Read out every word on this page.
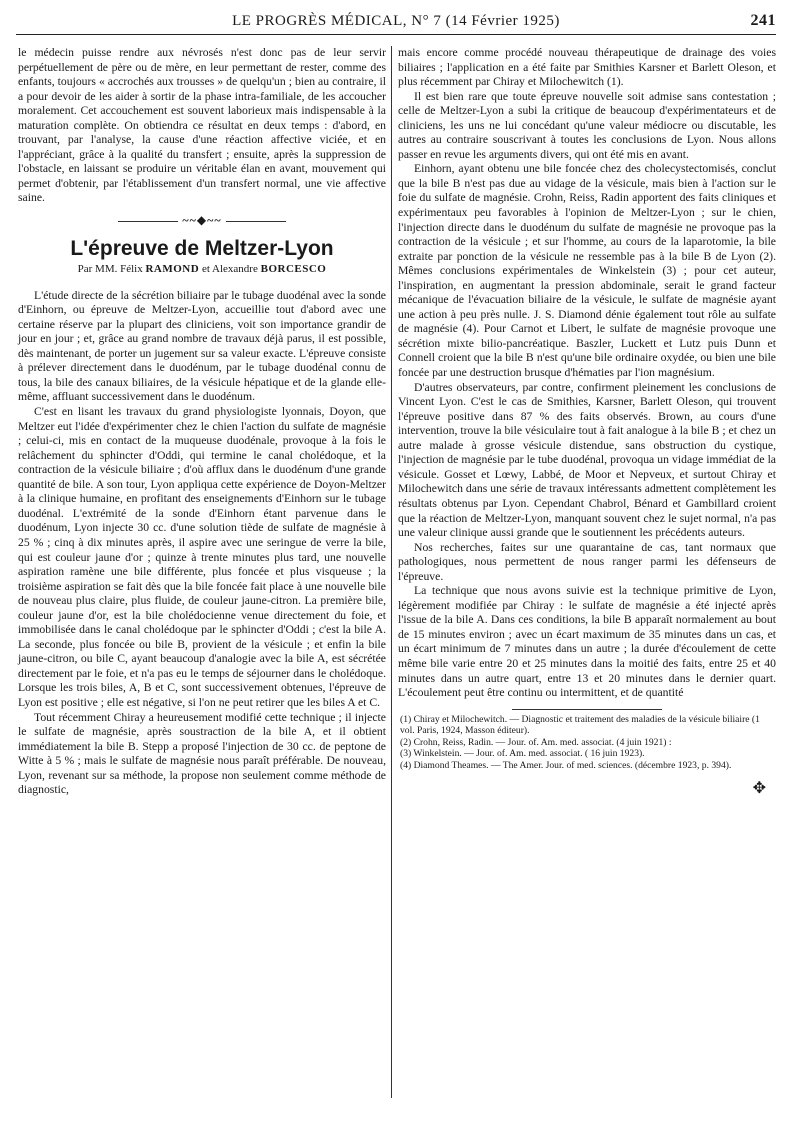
LE PROGRÈS MÉDICAL, N° 7 (14 Février 1925)	241

le médecin puisse rendre aux névrosés n'est donc pas de leur servir perpétuellement de père ou de mère, en leur permettant de rester, comme des enfants, toujours « accrochés aux trousses » de quelqu'un ; bien au contraire, il a pour devoir de les aider à sortir de la phase intra-familiale, de les accoucher moralement. Cet accouchement est souvent laborieux mais indispensable à la maturation complète. On obtiendra ce résultat en deux temps : d'abord, en trouvant, par l'analyse, la cause d'une réaction affective viciée, et en l'appréciant, grâce à la qualité du transfert ; ensuite, après la suppression de l'obstacle, en laissant se produire un véritable élan en avant, mouvement qui permet d'obtenir, par l'établissement d'un transfert normal, une vie affective saine.

~~◆~~
L'épreuve de Meltzer-Lyon
Par MM. Félix RAMOND et Alexandre BORCESCO

L'étude directe de la sécrétion biliaire par le tubage duodénal avec la sonde d'Einhorn, ou épreuve de Meltzer-Lyon, accueillie tout d'abord avec une certaine réserve par la plupart des cliniciens, voit son importance grandir de jour en jour ; et, grâce au grand nombre de travaux déjà parus, il est possible, dès maintenant, de porter un jugement sur sa valeur exacte. L'épreuve consiste à prélever directement dans le duodénum, par le tubage duodénal connu de tous, la bile des canaux biliaires, de la vésicule hépatique et de la glande elle-même, affluant successivement dans le duodénum.

C'est en lisant les travaux du grand physiologiste lyonnais, Doyon, que Meltzer eut l'idée d'expérimenter chez le chien l'action du sulfate de magnésie ; celui-ci, mis en contact de la muqueuse duodénale, provoque à la fois le relâchement du sphincter d'Oddi, qui termine le canal cholédoque, et la contraction de la vésicule biliaire ; d'où afflux dans le duodénum d'une grande quantité de bile. A son tour, Lyon appliqua cette expérience de Doyon-Meltzer à la clinique humaine, en profitant des enseignements d'Einhorn sur le tubage duodénal. L'extrémité de la sonde d'Einhorn étant parvenue dans le duodénum, Lyon injecte 30 cc. d'une solution tiède de sulfate de magnésie à 25 % ; cinq à dix minutes après, il aspire avec une seringue de verre la bile, qui est couleur jaune d'or ; quinze à trente minutes plus tard, une nouvelle aspiration ramène une bile différente, plus foncée et plus visqueuse ; la troisième aspiration se fait dès que la bile foncée fait place à une nouvelle bile de nouveau plus claire, plus fluide, de couleur jaune-citron. La première bile, couleur jaune d'or, est la bile cholédocienne venue directement du foie, et immobilisée dans le canal cholédoque par le sphincter d'Oddi ; c'est la bile A. La seconde, plus foncée ou bile B, provient de la vésicule ; et enfin la bile jaune-citron, ou bile C, ayant beaucoup d'analogie avec la bile A, est sécrétée directement par le foie, et n'a pas eu le temps de séjourner dans le cholédoque. Lorsque les trois biles, A, B et C, sont successivement obtenues, l'épreuve de Lyon est positive ; elle est négative, si l'on ne peut retirer que les biles A et C.

Tout récemment Chiray a heureusement modifié cette technique ; il injecte le sulfate de magnésie, après soustraction de la bile A, et il obtient immédiatement la bile B. Stepp a proposé l'injection de 30 cc. de peptone de Witte à 5 % ; mais le sulfate de magnésie nous paraît préférable. De nouveau, Lyon, revenant sur sa méthode, la propose non seulement comme méthode de diagnostic,

mais encore comme procédé nouveau thérapeutique de drainage des voies biliaires ; l'application en a été faite par Smithies Karsner et Barlett Oleson, et plus récemment par Chiray et Milochewitch (1).

Il est bien rare que toute épreuve nouvelle soit admise sans contestation ; celle de Meltzer-Lyon a subi la critique de beaucoup d'expérimentateurs et de cliniciens, les uns ne lui concédant qu'une valeur médiocre ou discutable, les autres au contraire souscrivant à toutes les conclusions de Lyon. Nous allons passer en revue les arguments divers, qui ont été mis en avant.

Einhorn, ayant obtenu une bile foncée chez des cholecystectomisés, conclut que la bile B n'est pas due au vidage de la vésicule, mais bien à l'action sur le foie du sulfate de magnésie. Crohn, Reiss, Radin apportent des faits cliniques et expérimentaux peu favorables à l'opinion de Meltzer-Lyon ; sur le chien, l'injection directe dans le duodénum du sulfate de magnésie ne provoque pas la contraction de la vésicule ; et sur l'homme, au cours de la laparotomie, la bile extraite par ponction de la vésicule ne ressemble pas à la bile B de Lyon (2). Mêmes conclusions expérimentales de Winkelstein (3) ; pour cet auteur, l'inspiration, en augmentant la pression abdominale, serait le grand facteur mécanique de l'évacuation biliaire de la vésicule, le sulfate de magnésie ayant une action à peu près nulle. J. S. Diamond dénie également tout rôle au sulfate de magnésie (4). Pour Carnot et Libert, le sulfate de magnésie provoque une sécrétion mixte bilio-pancréatique. Baszler, Luckett et Lutz puis Dunn et Connell croient que la bile B n'est qu'une bile ordinaire oxydée, ou bien une bile foncée par une destruction brusque d'hématies par l'ion magnésium.

D'autres observateurs, par contre, confirment pleinement les conclusions de Vincent Lyon. C'est le cas de Smithies, Karsner, Barlett Oleson, qui trouvent l'épreuve positive dans 87 % des faits observés. Brown, au cours d'une intervention, trouve la bile vésiculaire tout à fait analogue à la bile B ; et chez un autre malade à grosse vésicule distendue, sans obstruction du cystique, l'injection de magnésie par le tube duodénal, provoqua un vidage immédiat de la vésicule. Gosset et Lœwy, Labbé, de Moor et Nepveux, et surtout Chiray et Milochewitch dans une série de travaux intéressants admettent complètement les résultats obtenus par Lyon. Cependant Chabrol, Bénard et Gambillard croient que la réaction de Meltzer-Lyon, manquant souvent chez le sujet normal, n'a pas une valeur clinique aussi grande que le soutiennent les précédents auteurs.

Nos recherches, faites sur une quarantaine de cas, tant normaux que pathologiques, nous permettent de nous ranger parmi les défenseurs de l'épreuve.

La technique que nous avons suivie est la technique primitive de Lyon, légèrement modifiée par Chiray : le sulfate de magnésie a été injecté après l'issue de la bile A. Dans ces conditions, la bile B apparaît normalement au bout de 15 minutes environ ; avec un écart maximum de 35 minutes dans un cas, et un écart minimum de 7 minutes dans un autre ; la durée d'écoulement de cette même bile varie entre 20 et 25 minutes dans la moitié des faits, entre 25 et 40 minutes dans un autre quart, entre 13 et 20 minutes dans le dernier quart. L'écoulement peut être continu ou intermittent, et de quantité

(1) Chiray et Milochewitch. — Diagnostic et traitement des maladies de la vésicule biliaire (1 vol. Paris, 1924, Masson éditeur).
(2) Crohn, Reiss, Radin. — Jour. of. Am. med. associat. (4 juin 1921) :
(3) Winkelstein. — Jour. of. Am. med. associat. ( 16 juin 1923).
(4) Diamond Theames. — The Amer. Jour. of med. sciences. (décembre 1923, p. 394).
✥
